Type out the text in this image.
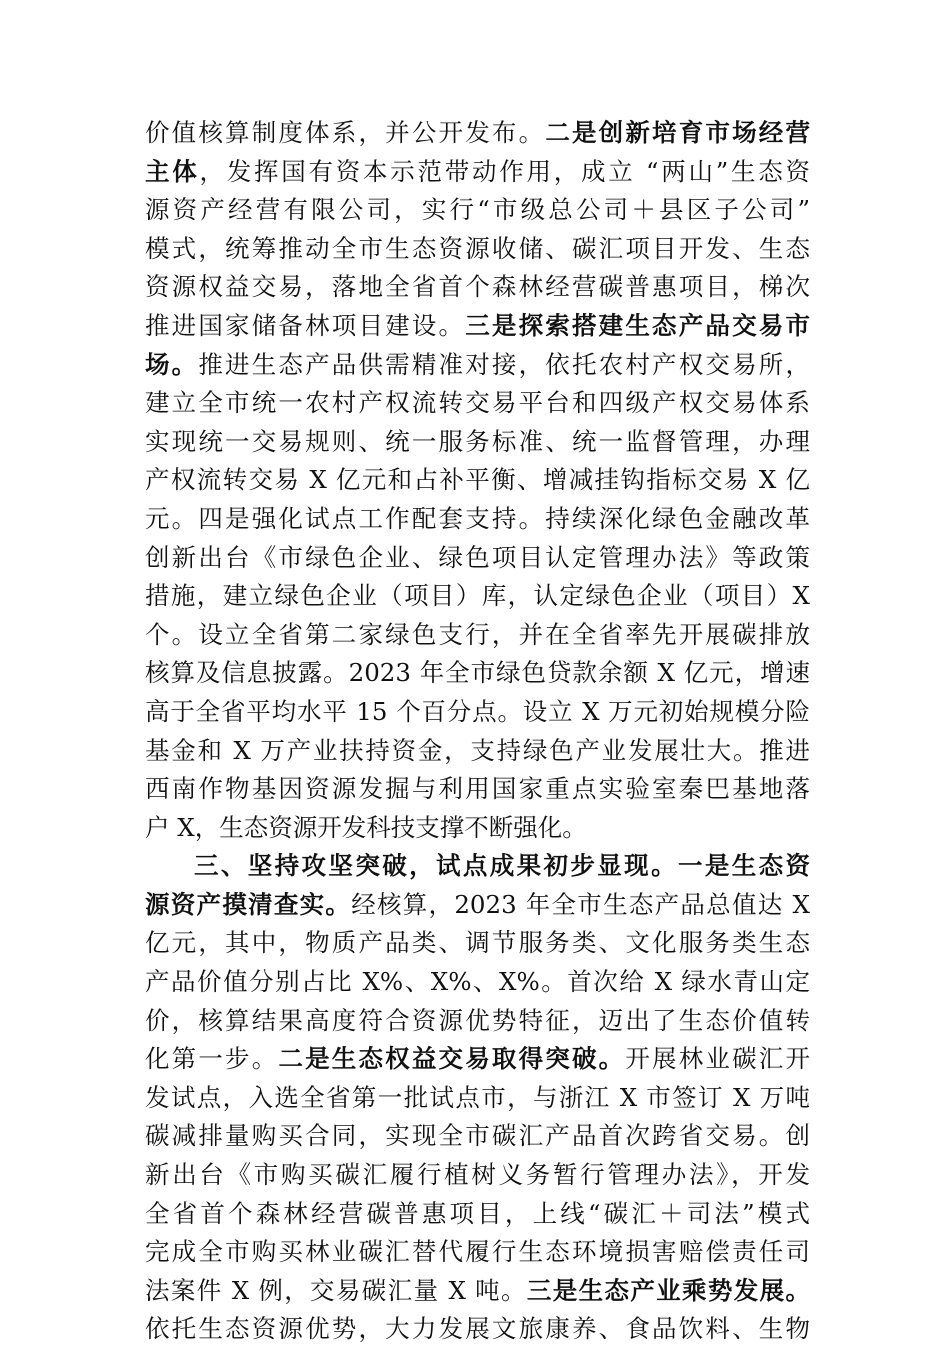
价值核算制度体系，并公开发布。二是创新培育市场经营
主体，发挥国有资本示范带动作用，成立 “两山”生态资
源资产经营有限公司，实行“市级总公司＋县区子公司”
模式，统筹推动全市生态资源收储、碳汇项目开发、生态
资源权益交易，落地全省首个森林经营碳普惠项目，梯次
推进国家储备林项目建设。三是探索搭建生态产品交易市
场。推进生态产品供需精准对接，依托农村产权交易所，
建立全市统一农村产权流转交易平台和四级产权交易体系
实现统一交易规则、统一服务标准、统一监督管理，办理
产权流转交易 X 亿元和占补平衡、增减挂钩指标交易 X 亿
元。四是强化试点工作配套支持。持续深化绿色金融改革
创新出台《市绿色企业、绿色项目认定管理办法》等政策
措施，建立绿色企业（项目）库，认定绿色企业（项目）X
个。设立全省第二家绿色支行，并在全省率先开展碳排放
核算及信息披露。2023 年全市绿色贷款余额 X 亿元，增速
高于全省平均水平 15 个百分点。设立 X 万元初始规模分险
基金和 X 万产业扶持资金，支持绿色产业发展壮大。推进
西南作物基因资源发掘与利用国家重点实验室秦巴基地落
户 X，生态资源开发科技支撑不断强化。
三、坚持攻坚突破，试点成果初步显现。一是生态资
源资产摸清查实。经核算，2023 年全市生态产品总值达 X
亿元，其中，物质产品类、调节服务类、文化服务类生态
产品价值分别占比 X%、X%、X%。首次给 X 绿水青山定
价，核算结果高度符合资源优势特征，迈出了生态价值转
化第一步。二是生态权益交易取得突破。开展林业碳汇开
发试点，入选全省第一批试点市，与浙江 X 市签订 X 万吨
碳减排量购买合同，实现全市碳汇产品首次跨省交易。创
新出台《市购买碳汇履行植树义务暂行管理办法》，开发
全省首个森林经营碳普惠项目，上线“碳汇＋司法”模式
完成全市购买林业碳汇替代履行生态环境损害赔偿责任司
法案件 X 例，交易碳汇量 X 吨。三是生态产业乘势发展。
依托生态资源优势，大力发展文旅康养、食品饮料、生物
